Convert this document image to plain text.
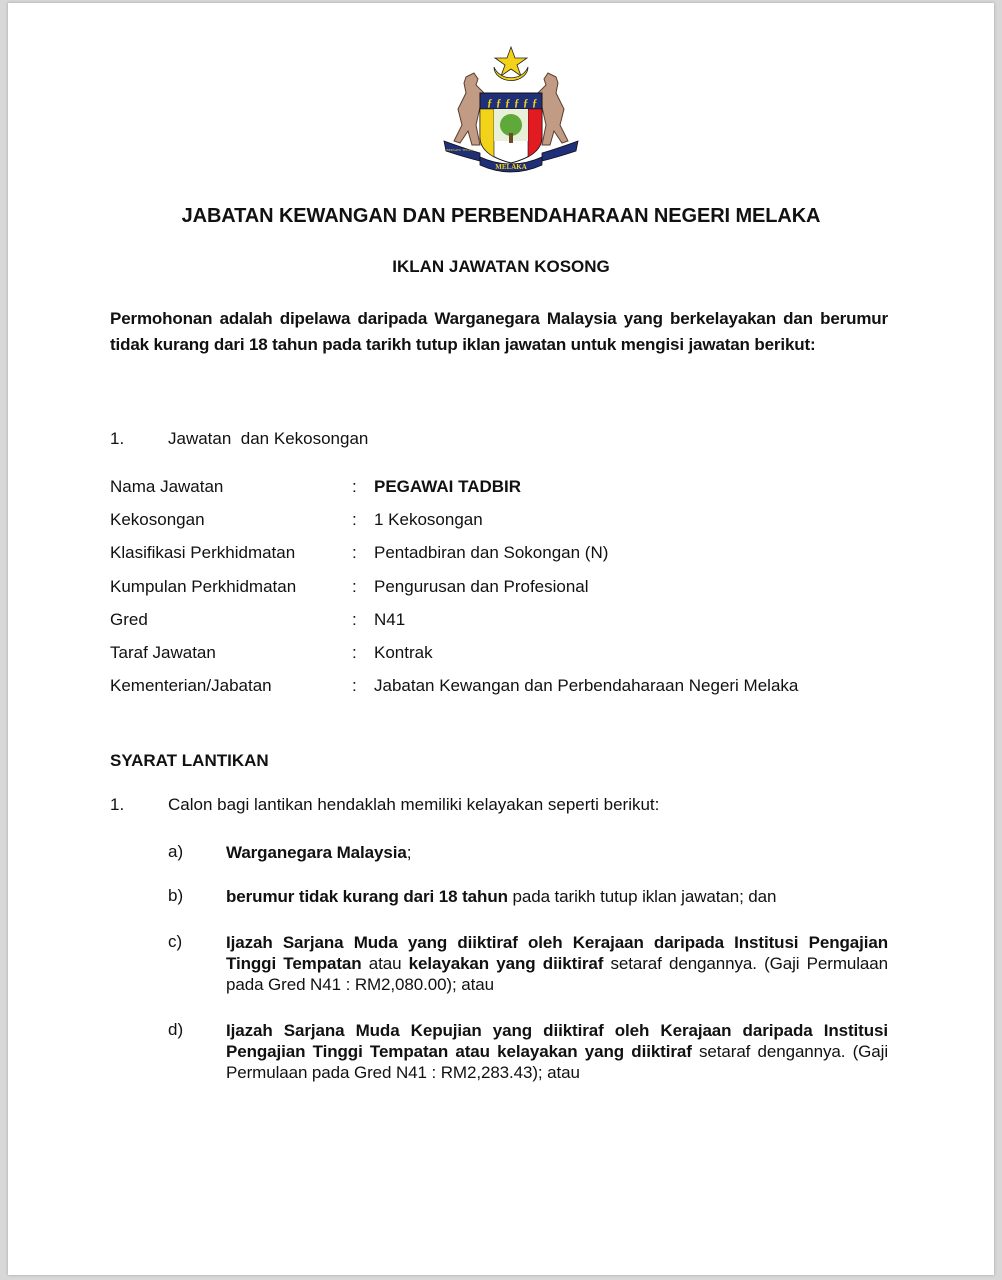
ƒ ƒ ƒ ƒ ƒ ƒ
MELAKA
BERSATU TEGUH
JABATAN KEWANGAN DAN PERBENDAHARAAN NEGERI MELAKA
IKLAN JAWATAN KOSONG
Permohonan adalah dipelawa daripada Warganegara Malaysia yang berkelayakan dan berumur tidak kurang dari 18 tahun pada tarikh tutup iklan jawatan untuk mengisi jawatan berikut:
1.	Jawatan  dan Kekosongan
Nama Jawatan	:	PEGAWAI TADBIR
Kekosongan	:	1 Kekosongan
Klasifikasi Perkhidmatan	:	Pentadbiran dan Sokongan (N)
Kumpulan Perkhidmatan	:	Pengurusan dan Profesional
Gred	:	N41
Taraf Jawatan	:	Kontrak
Kementerian/Jabatan	:	Jabatan Kewangan dan Perbendaharaan Negeri Melaka
SYARAT LANTIKAN
1.	Calon bagi lantikan hendaklah memiliki kelayakan seperti berikut:
a)	Warganegara Malaysia;
b)	berumur tidak kurang dari 18 tahun pada tarikh tutup iklan jawatan; dan
c)	Ijazah Sarjana Muda yang diiktiraf oleh Kerajaan daripada Institusi Pengajian Tinggi Tempatan atau kelayakan yang diiktiraf setaraf dengannya. (Gaji Permulaan pada Gred N41 : RM2,080.00); atau
d)	Ijazah Sarjana Muda Kepujian yang diiktiraf oleh Kerajaan daripada Institusi Pengajian Tinggi Tempatan atau kelayakan yang diiktiraf setaraf dengannya. (Gaji Permulaan pada Gred N41 : RM2,283.43); atau
